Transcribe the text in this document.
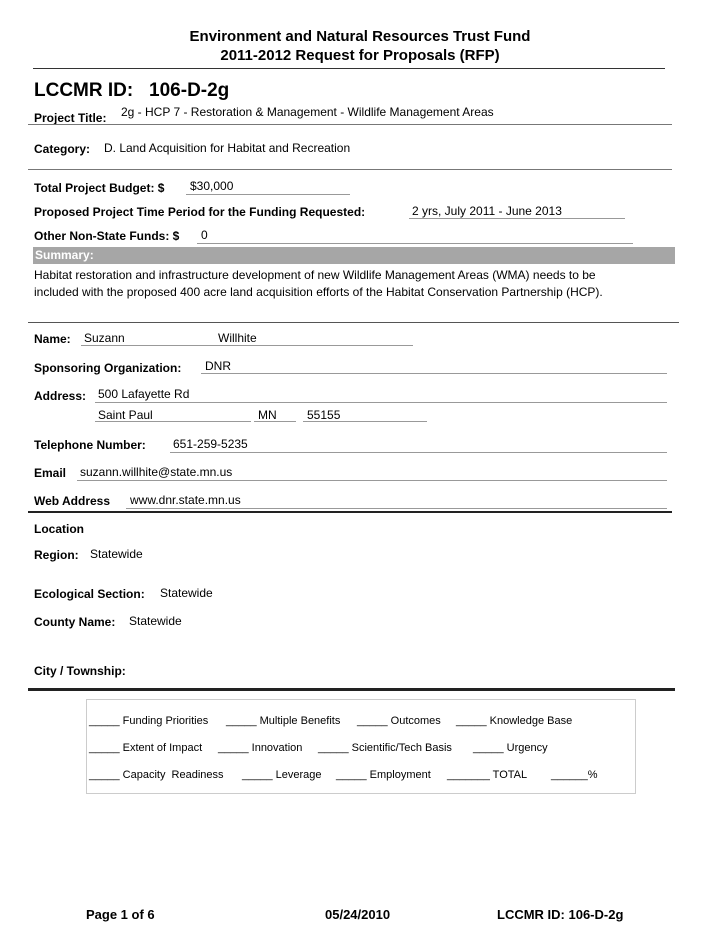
Environment and Natural Resources Trust Fund
2011-2012 Request for Proposals (RFP)
LCCMR ID:   106-D-2g
Project Title: 2g - HCP 7 - Restoration & Management - Wildlife Management Areas
Category: D. Land Acquisition for Habitat and Recreation
Total Project Budget: $ $30,000
Proposed Project Time Period for the Funding Requested:	2 yrs, July 2011 - June 2013
Other Non-State Funds: $ 0
Summary:
Habitat restoration and infrastructure development of new Wildlife Management Areas (WMA) needs to be
included with the proposed 400 acre land acquisition efforts of the Habitat Conservation Partnership (HCP).
Name: Suzann	Willhite
Sponsoring Organization: DNR
Address: 500 Lafayette Rd
Saint Paul	MN	55155
Telephone Number: 651-259-5235
Email suzann.willhite@state.mn.us
Web Address www.dnr.state.mn.us
Location
Region: Statewide
Ecological Section: Statewide
County Name: Statewide
City / Township:
_____ Funding Priorities _____ Multiple Benefits _____ Outcomes _____ Knowledge Base
_____ Extent of Impact _____ Innovation _____ Scientific/Tech Basis _____ Urgency
_____ Capacity  Readiness _____ Leverage _____ Employment _______ TOTAL ______%
Page 1 of 6	05/24/2010	LCCMR ID: 106-D-2g
